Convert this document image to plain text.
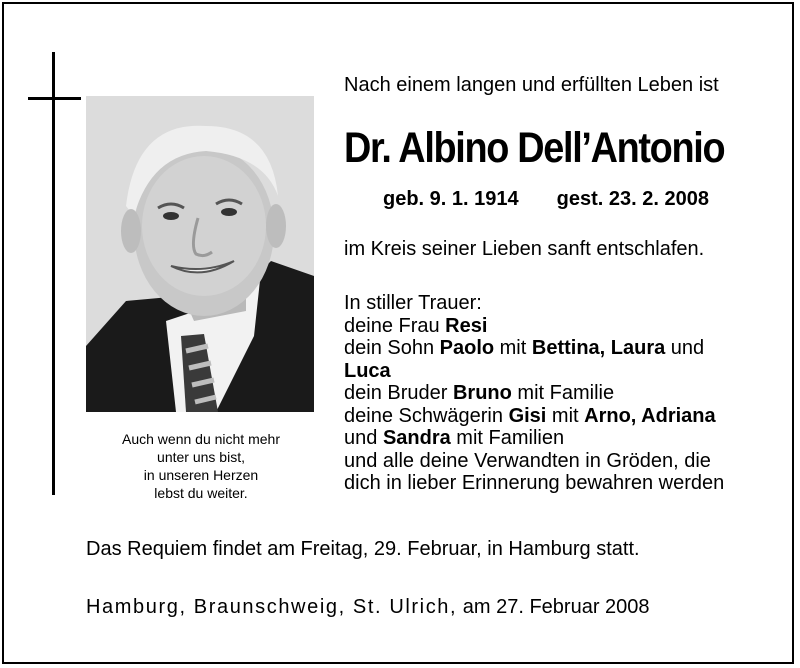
Auch wenn du nicht mehr
unter uns bist,
in unseren Herzen
lebst du weiter.
Nach einem langen und erfüllten Leben ist
Dr. Albino Dell’Antonio
geb. 9. 1. 1914 gest. 23. 2. 2008
im Kreis seiner Lieben sanft entschlafen.
In stiller Trauer:
deine Frau Resi
dein Sohn Paolo mit Bettina, Laura und
Luca
dein Bruder Bruno mit Familie
deine Schwägerin Gisi mit Arno, Adriana
und Sandra mit Familien
und alle deine Verwandten in Gröden, die
dich in lieber Erinnerung bewahren werden
Das Requiem findet am Freitag, 29. Februar, in Hamburg statt.
Hamburg, Braunschweig, St. Ulrich, am 27. Februar 2008
